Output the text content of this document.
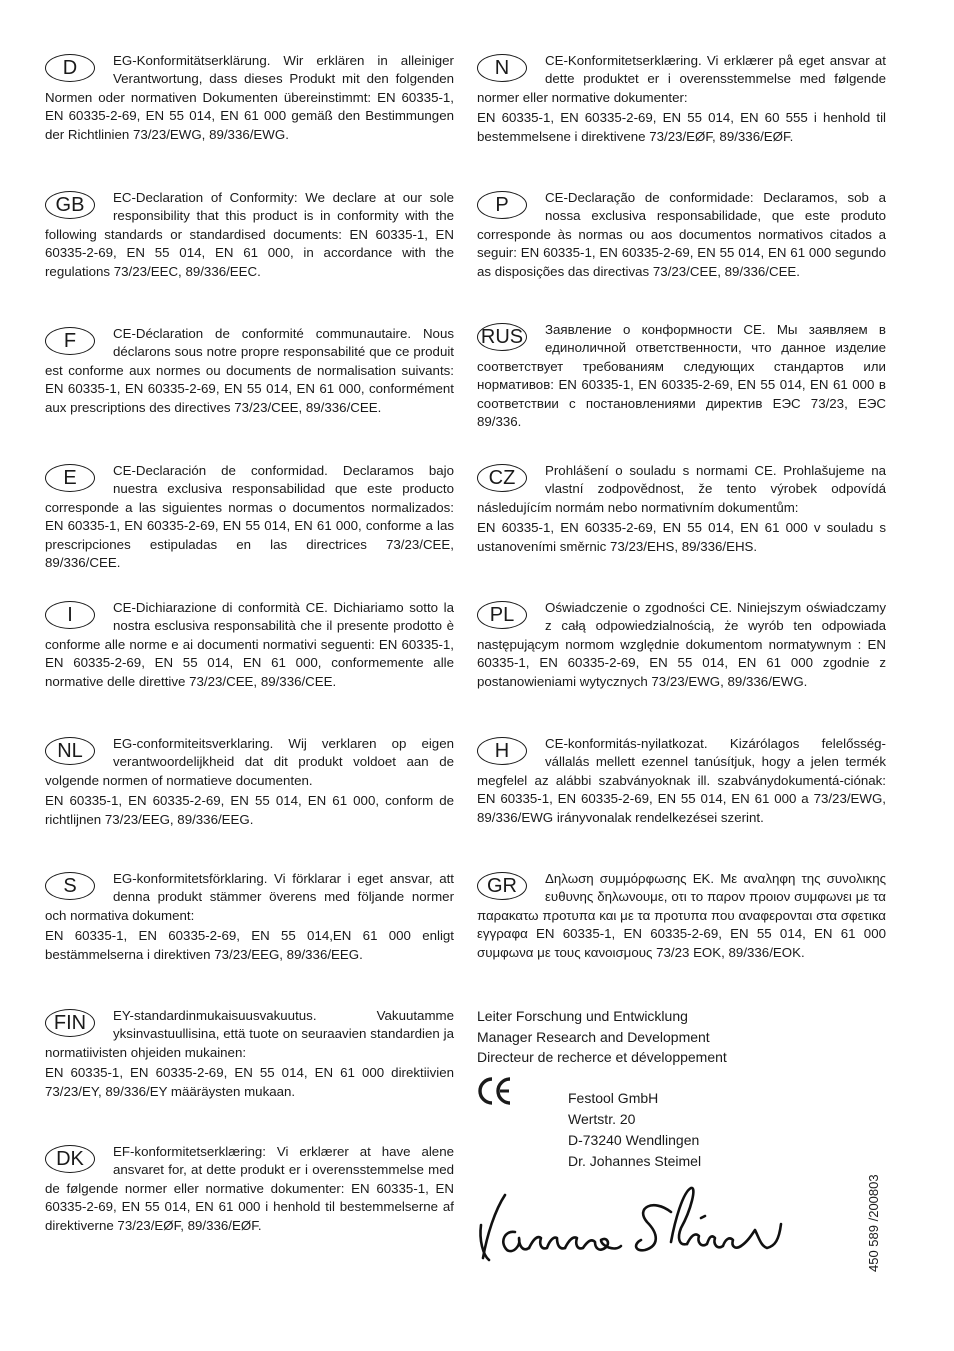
D	EG-Konformitätserklärung. Wir erklären in alleiniger Verantwortung, dass dieses Produkt mit den folgenden Normen oder normativen Dokumenten übereinstimmt: EN 60335-1, EN 60335-2-69, EN 55 014, EN 61 000 gemäß den Bestimmungen der Richtlinien 73/23/EWG, 89/336/EWG.

GB	EC-Declaration of Conformity: We declare at our sole responsibility that this product is in conformity with the following standards or standardised documents: EN 60335-1, EN 60335-2-69, EN 55 014, EN 61 000, in accordance with the regulations 73/23/EEC, 89/336/EEC.

F	CE-Déclaration de conformité communautaire. Nous déclarons sous notre propre responsabilité que ce produit est conforme aux normes ou documents de normalisation suivants: EN 60335-1, EN 60335-2-69, EN 55 014, EN 61 000, conformément aux prescriptions des directives 73/23/CEE, 89/336/CEE.

E	CE-Declaración de conformidad. Declaramos bajo nuestra exclusiva responsabilidad que este producto corresponde a las siguientes normas o documentos normalizados: EN 60335-1, EN 60335-2-69, EN 55 014, EN 61 000, conforme a las prescripciones estipuladas en las directrices 73/23/CEE, 89/336/CEE.

I	CE-Dichiarazione di conformità CE. Dichiariamo sotto la nostra esclusiva responsabilità che il presente prodotto è conforme alle norme e ai documenti normativi seguenti: EN 60335-1, EN 60335-2-69, EN 55 014, EN 61 000, conformemente alle normative delle direttive 73/23/CEE, 89/336/CEE.

NL	EG-conformiteitsverklaring. Wij verklaren op eigen verantwoordelijkheid dat dit produkt voldoet aan de volgende normen of normatieve documenten.

EN 60335-1, EN 60335-2-69, EN 55 014, EN 61 000, conform de richtlijnen 73/23/EEG, 89/336/EEG.

S	EG-konformitetsförklaring. Vi förklarar i eget ansvar, att denna produkt stämmer överens med följande normer och normativa dokument:

EN 60335-1, EN 60335-2-69, EN 55 014,EN 61 000 enligt bestämmelserna i direktiven 73/23/EEG, 89/336/EEG.

FIN	EY-standardinmukaisuusvakuutus. Vakuutamme yksinvastuullisina, että tuote on seuraavien standardien ja normatiivisten ohjeiden mukainen:

EN 60335-1, EN 60335-2-69, EN 55 014, EN 61 000 direktiivien 73/23/EY, 89/336/EY määräysten mukaan.

DK	EF-konformitetserklæring: Vi erklærer at have alene ansvaret for, at dette produkt er i overensstemmelse med de følgende normer eller normative dokumenter: EN 60335-1, EN 60335-2-69, EN 55 014, EN 61 000 i henhold til bestemmelserne af direktiverne 73/23/EØF, 89/336/EØF.

N	CE-Konformitetserklæring. Vi erklærer på eget ansvar at dette produktet er i overensstemmelse med følgende normer eller normative dokumenter:

EN 60335-1, EN 60335-2-69, EN 55 014, EN 60 555 i henhold til bestemmelsene i direktivene 73/23/EØF, 89/336/EØF.

P	CE-Declaração de conformidade: Declaramos, sob a nossa exclusiva responsabilidade, que este produto corresponde às normas ou aos documentos normativos citados a seguir: EN 60335-1, EN 60335-2-69, EN 55 014, EN 61 000 segundo as disposições das directivas 73/23/CEE, 89/336/CEE.

RUS	Заявление о конформности CE. Мы заявляем в единоличной ответственности, что данное изделие соответствует требованиям следующих стандартов или нормативов: EN 60335-1, EN 60335-2-69, EN 55 014, EN 61 000 в соответствии с постановлениями директив ЕЭС 73/23, ЕЭС 89/336.

CZ	Prohlášení o souladu s normami CE. Prohlašujeme na vlastní zodpovědnost, že tento výrobek odpovídá následujícím normám nebo normativním dokumentům:

EN 60335-1, EN 60335-2-69, EN 55 014, EN 61 000 v souladu s ustanoveními směrnic 73/23/EHS, 89/336/EHS.

PL	Oświadczenie o zgodności CE. Niniejszym oświadczamy z całą odpowiedzialnością, że wyrób ten odpowiada następującym normom względnie dokumentom normatywnym : EN 60335-1, EN 60335-2-69, EN 55 014, EN 61 000 zgodnie z postanowieniami wytycznych 73/23/EWG, 89/336/EWG.

H	CE-konformitás-nyilatkozat. Kizárólagos felelősség-vállalás mellett ezennel tanúsítjuk, hogy a jelen termék megfelel az alábbi szabványoknak ill. szabványdokumentá-ciónak: EN 60335-1, EN 60335-2-69, EN 55 014, EN 61 000 a 73/23/EWG, 89/336/EWG irányvonalak rendelkezései szerint.

GR	Δηλωση συμμόρφωσης ΕΚ. Με αναληφη της συνολικης ευθυνης δηλωνουμε, οτι το παρον προιον συμφωνει με τα παρακατω προτυπα και με τα προτυπα που αναφερονται στα σφετικα εγγραφα EN 60335-1, EN 60335-2-69, EN 55 014, EN 61 000 συμφωνα με τους κανοισμους 73/23 ΕΟΚ, 89/336/ΕΟΚ.

Leiter Forschung und Entwicklung
Manager Research and Development
Directeur de recherce et développement
Festool GmbH
Wertstr. 20
D-73240 Wendlingen
Dr. Johannes Steimel
450 589 /200803
